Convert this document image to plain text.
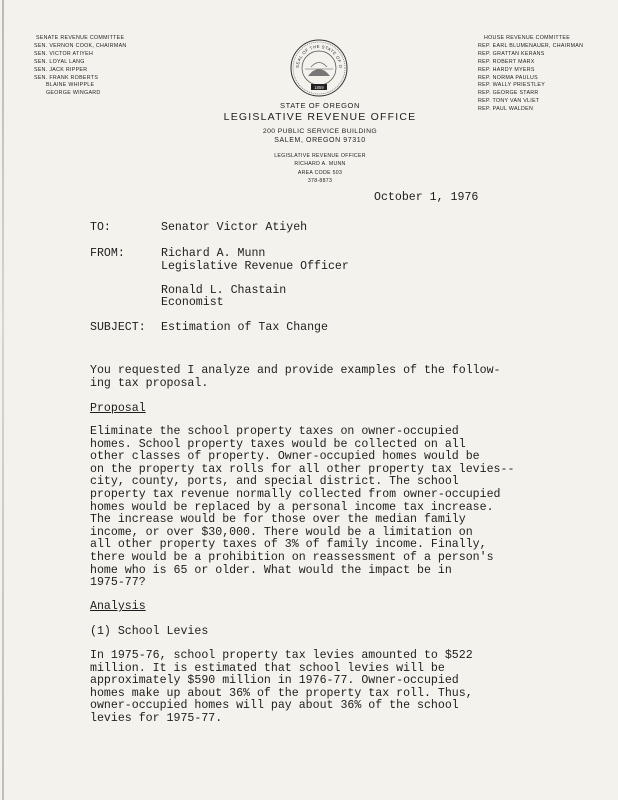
SENATE REVENUE COMMITTEE
SEN. VERNON COOK, CHAIRMAN
SEN. VICTOR ATIYEH
SEN. LOYAL LANG
SEN. JACK RIPPER
SEN. FRANK ROBERTS
BLAINE WHIPPLE
GEORGE WINGARD
HOUSE REVENUE COMMITTEE
REP. EARL BLUMENAUER, CHAIRMAN
REP. GRATTAN KERANS
REP. ROBERT MARX
REP. HARDY MYERS
REP. NORMA PAULUS
REP. WALLY PRIESTLEY
REP. GEORGE STARR
REP. TONY VAN VLIET
REP. PAUL WALDEN
SEAL OF THE STATE OF O
1859
STATE OF OREGON
LEGISLATIVE REVENUE OFFICE
200 PUBLIC SERVICE BUILDING
SALEM, OREGON 97310
LEGISLATIVE REVENUE OFFICER
RICHARD A. MUNN
AREA CODE 503
378-8873
October 1, 1976
TO:	Senator Victor Atiyeh
FROM:	Richard A. Munn
Legislative Revenue Officer
Ronald L. Chastain
Economist
SUBJECT: Estimation of Tax Change
You requested I analyze and provide examples of the follow-
ing tax proposal.
Proposal
Eliminate the school property taxes on owner-occupied
homes. School property taxes would be collected on all
other classes of property. Owner-occupied homes would be
on the property tax rolls for all other property tax levies--
city, county, ports, and special district. The school
property tax revenue normally collected from owner-occupied
homes would be replaced by a personal income tax increase.
The increase would be for those over the median family
income, or over $30,000. There would be a limitation on
all other property taxes of 3% of family income. Finally,
there would be a prohibition on reassessment of a person's
home who is 65 or older. What would the impact be in
1975-77?
Analysis
(1) School Levies
In 1975-76, school property tax levies amounted to $522
million. It is estimated that school levies will be
approximately $590 million in 1976-77. Owner-occupied
homes make up about 36% of the property tax roll. Thus,
owner-occupied homes will pay about 36% of the school
levies for 1975-77.
